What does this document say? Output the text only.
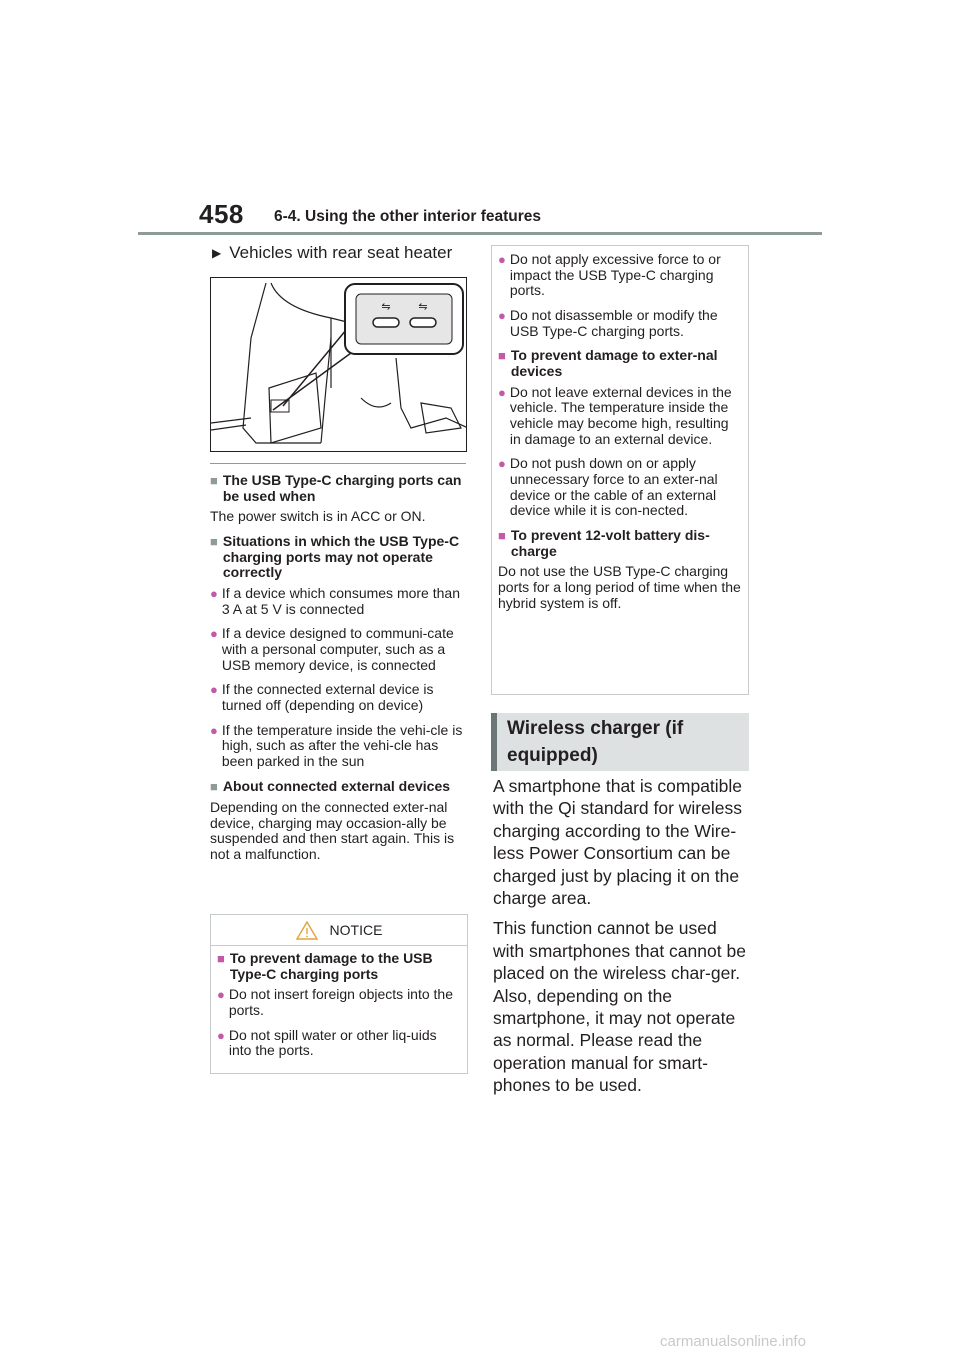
458 6-4. Using the other interior features
▶ Vehicles with rear seat heater
⇋	⇋
■ The USB Type-C charging ports can be used when
The power switch is in ACC or ON.
■ Situations in which the USB Type-C charging ports may not operate correctly
● If a device which consumes more than 3 A at 5 V is connected
● If a device designed to communi-cate with a personal computer, such as a USB memory device, is connected
● If the connected external device is turned off (depending on device)
● If the temperature inside the vehi-cle is high, such as after the vehi-cle has been parked in the sun
■ About connected external devices
Depending on the connected exter-nal device, charging may occasion-ally be suspended and then start again. This is not a malfunction.
NOTICE
■ To prevent damage to the USB Type-C charging ports
● Do not insert foreign objects into the ports.
● Do not spill water or other liq-uids into the ports.
● Do not apply excessive force to or impact the USB Type-C charging ports.
● Do not disassemble or modify the USB Type-C charging ports.
■ To prevent damage to exter-nal devices
● Do not leave external devices in the vehicle. The temperature inside the vehicle may become high, resulting in damage to an external device.
● Do not push down on or apply unnecessary force to an exter-nal device or the cable of an external device while it is con-nected.
■ To prevent 12-volt battery dis-charge
Do not use the USB Type-C charging ports for a long period of time when the hybrid system is off.
Wireless charger (if equipped)

A smartphone that is compatible with the Qi standard for wireless charging according to the Wire-less Power Consortium can be charged just by placing it on the charge area.

This function cannot be used with smartphones that cannot be placed on the wireless char-ger. Also, depending on the smartphone, it may not operate as normal. Please read the operation manual for smart-phones to be used.

carmanualsonline.info
